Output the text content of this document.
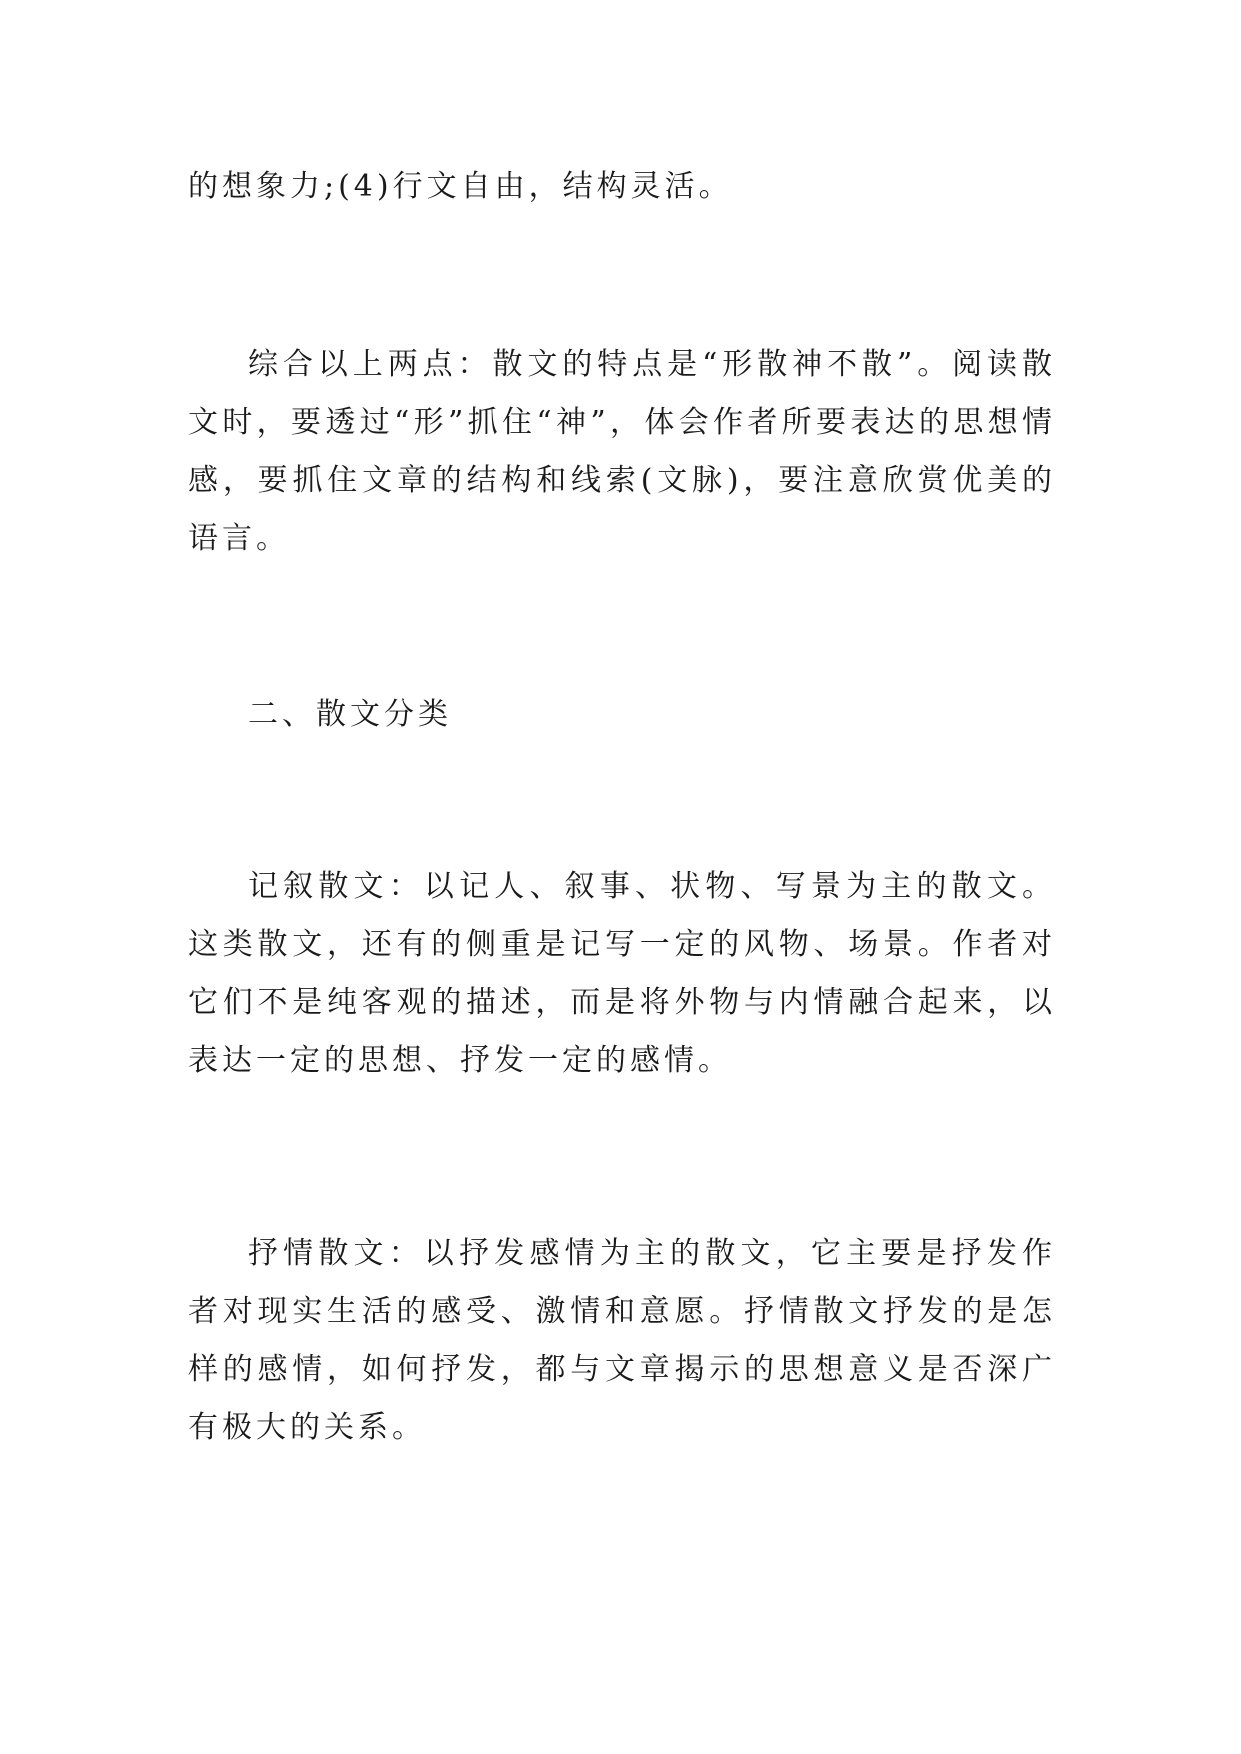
的想象力;(4)行文自由，结构灵活。

综合以上两点：散文的特点是“形散神不散”。阅读散文时，要透过“形”抓住“神”，体会作者所要表达的思想情感，要抓住文章的结构和线索(文脉)，要注意欣赏优美的语言。

二、散文分类

记叙散文：以记人、叙事、状物、写景为主的散文。这类散文，还有的侧重是记写一定的风物、场景。作者对它们不是纯客观的描述，而是将外物与内情融合起来，以表达一定的思想、抒发一定的感情。

抒情散文：以抒发感情为主的散文，它主要是抒发作者对现实生活的感受、激情和意愿。抒情散文抒发的是怎样的感情，如何抒发，都与文章揭示的思想意义是否深广有极大的关系。
